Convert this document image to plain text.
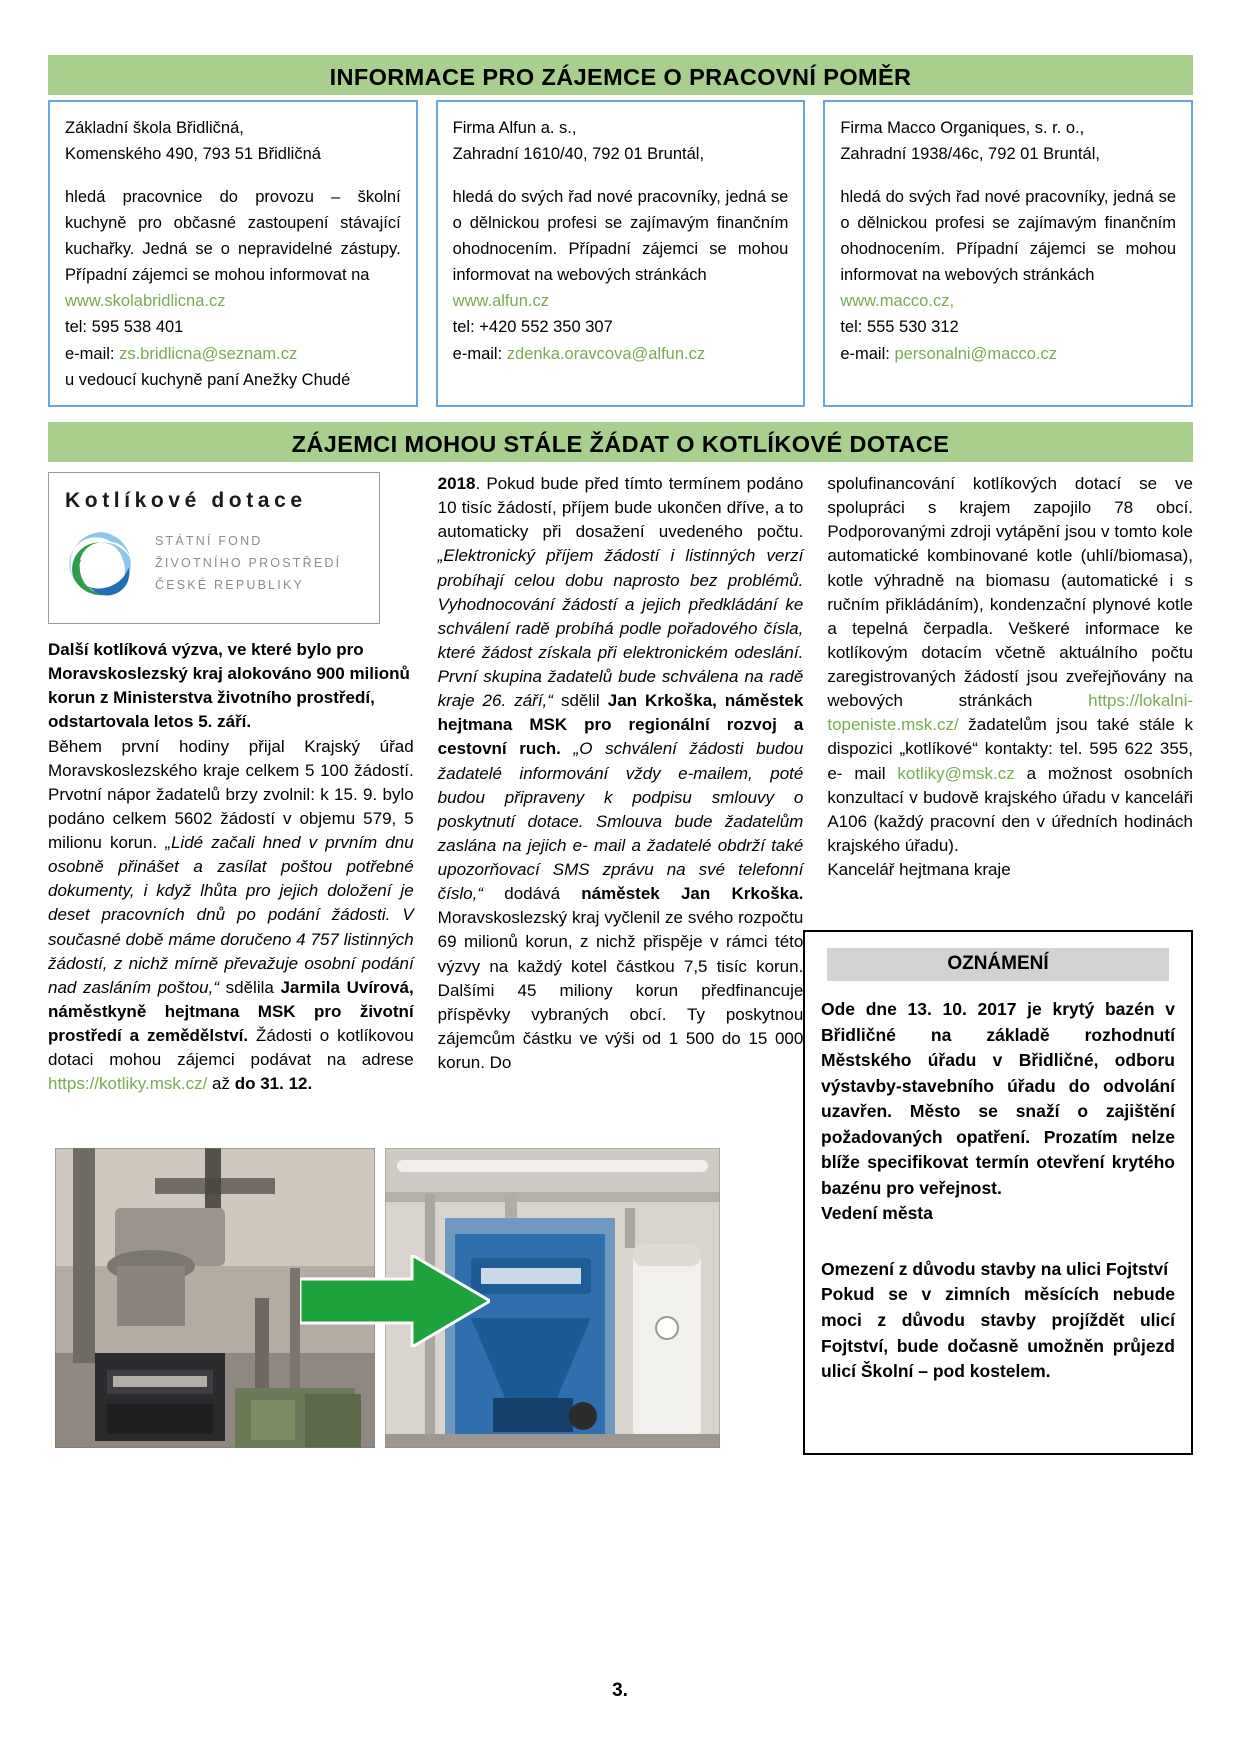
INFORMACE PRO ZÁJEMCE O PRACOVNÍ POMĚR
Základní škola Břidličná,
Komenského 490, 793 51 Břidličná
hledá pracovnice do provozu – školní kuchyně pro občasné zastoupení stávající kuchařky. Jedná se o nepravidelné zástupy. Případní zájemci se mohou informovat na
www.skolabridlicna.cz
tel: 595 538 401
e-mail: zs.bridlicna@seznam.cz
u vedoucí kuchyně paní Anežky Chudé
Firma Alfun a. s.,
Zahradní 1610/40, 792 01 Bruntál,
hledá do svých řad nové pracovníky, jedná se o dělnickou profesi se zajímavým finančním ohodnocením. Případní zájemci se mohou informovat na webových stránkách
www.alfun.cz
tel: +420 552 350 307
e-mail: zdenka.oravcova@alfun.cz
Firma Macco Organiques, s. r. o.,
Zahradní 1938/46c, 792 01 Bruntál,
hledá do svých řad nové pracovníky, jedná se o dělnickou profesi se zajímavým finančním ohodnocením. Případní zájemci se mohou informovat na webových stránkách
www.macco.cz,
tel: 555 530 312
e-mail: personalni@macco.cz
ZÁJEMCI MOHOU STÁLE ŽÁDAT O KOTLÍKOVÉ DOTACE
Kotlíkové dotace
STÁTNÍ FOND
ŽIVOTNÍHO PROSTŘEDÍ
ČESKÉ REPUBLIKY

Další kotlíková výzva, ve které bylo pro Moravskoslezský kraj alokováno 900 milionů korun z Ministerstva životního prostředí, odstartovala letos 5. září.

Během první hodiny přijal Krajský úřad Moravskoslezského kraje celkem 5 100 žádostí. Prvotní nápor žadatelů brzy zvolnil: k 15. 9. bylo podáno celkem 5602 žádostí v objemu 579, 5 milionu korun. „Lidé začali hned v prvním dnu osobně přinášet a zasílat poštou potřebné dokumenty, i když lhůta pro jejich doložení je deset pracovních dnů po podání žádosti. V současné době máme doručeno 4 757 listinných žádostí, z nichž mírně převažuje osobní podání nad zasláním poštou,“ sdělila Jarmila Uvírová, náměstkyně hejtmana MSK pro životní prostředí a zemědělství. Žádosti o kotlíkovou dotaci mohou zájemci podávat na adrese https://kotliky.msk.cz/ až do 31. 12.

2018. Pokud bude před tímto termínem podáno 10 tisíc žádostí, příjem bude ukončen dříve, a to automaticky při dosažení uvedeného počtu. „Elektronický příjem žádostí i listinných verzí probíhají celou dobu naprosto bez problémů. Vyhodnocování žádostí a jejich předkládání ke schválení radě probíhá podle pořadového čísla, které žádost získala při elektronickém odeslání. První skupina žadatelů bude schválena na radě kraje 26. září,“ sdělil Jan Krkoška, náměstek hejtmana MSK pro regionální rozvoj a cestovní ruch. „O schválení žádosti budou žadatelé informování vždy e-mailem, poté budou připraveny k podpisu smlouvy o poskytnutí dotace. Smlouva bude žadatelům zaslána na jejich e- mail a žadatelé obdrží také upozorňovací SMS zprávu na své telefonní číslo,“ dodává náměstek Jan Krkoška. Moravskoslezský kraj vyčlenil ze svého rozpočtu 69 milionů korun, z nichž přispěje v rámci této výzvy na každý kotel částkou 7,5 tisíc korun. Dalšími 45 miliony korun předfinancuje příspěvky vybraných obcí. Ty poskytnou zájemcům částku ve výši od 1 500 do 15 000 korun. Do

spolufinancování kotlíkových dotací se ve spolupráci s krajem zapojilo 78 obcí. Podporovanými zdroji vytápění jsou v tomto kole automatické kombinované kotle (uhlí/biomasa), kotle výhradně na biomasu (automatické i s ručním přikládáním), kondenzační plynové kotle a tepelná čerpadla. Veškeré informace ke kotlíkovým dotacím včetně aktuálního počtu zaregistrovaných žádostí jsou zveřejňovány na webových stránkách https://lokalni-topeniste.msk.cz/ žadatelům jsou také stále k dispozici „kotlíkové“ kontakty: tel. 595 622 355, e- mail kotliky@msk.cz a možnost osobních konzultací v budově krajského úřadu v kanceláři A106 (každý pracovní den v úředních hodinách krajského úřadu).

Kancelář hejtmana kraje

OZNÁMENÍ

Ode dne 13. 10. 2017 je krytý bazén v Břidličné na základě rozhodnutí Městského úřadu v Břidličné, odboru výstavby-stavebního úřadu do odvolání uzavřen. Město se snaží o zajištění požadovaných opatření. Prozatím nelze blíže specifikovat termín otevření krytého bazénu pro veřejnost.

Vedení města

Omezení z důvodu stavby na ulici Fojtství

Pokud se v zimních měsících nebude moci z důvodu stavby projíždět ulicí Fojtství, bude dočasně umožněn průjezd ulicí Školní – pod kostelem.

3.
